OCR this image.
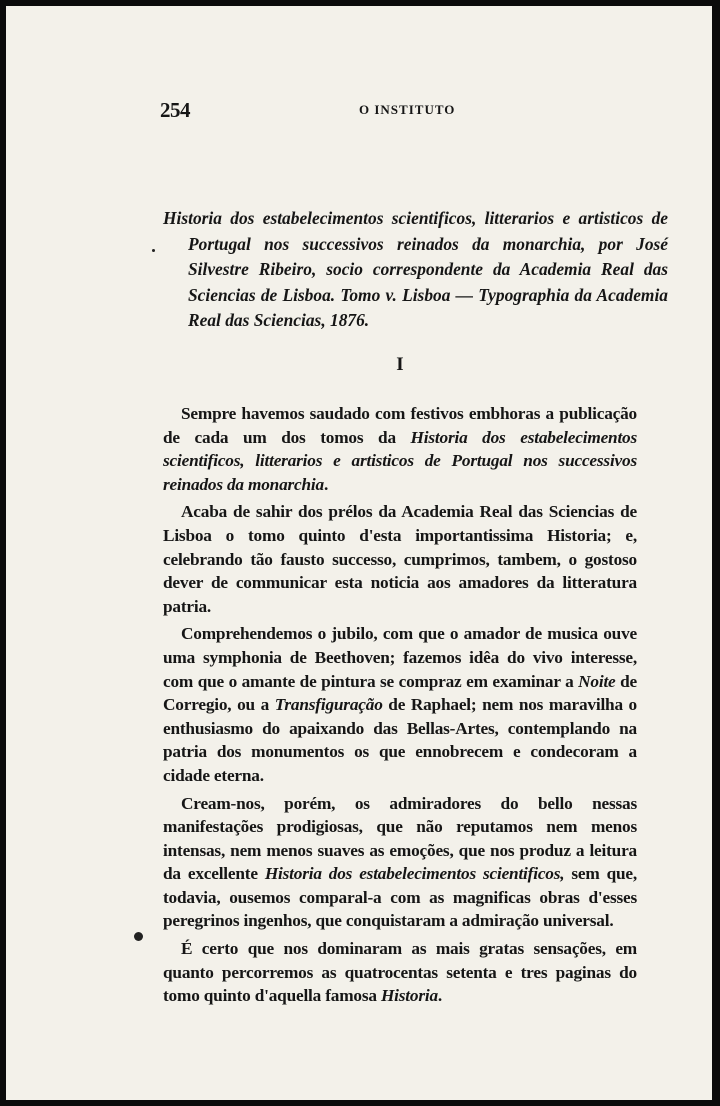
254	O INSTITUTO
Historia dos estabelecimentos scientificos, litterarios e artisticos de Portugal nos successivos reinados da monarchia, por José Silvestre Ribeiro, socio correspondente da Academia Real das Sciencias de Lisboa. Tomo v. Lisboa — Typographia da Academia Real das Sciencias, 1876.
I

Sempre havemos saudado com festivos embhoras a publicação de cada um dos tomos da Historia dos estabelecimentos scientificos, litterarios e artisticos de Portugal nos successivos reinados da monarchia.

Acaba de sahir dos prélos da Academia Real das Sciencias de Lisboa o tomo quinto d'esta importantissima Historia; e, celebrando tão fausto successo, cumprimos, tambem, o gostoso dever de communicar esta noticia aos amadores da litteratura patria.

Comprehendemos o jubilo, com que o amador de musica ouve uma symphonia de Beethoven; fazemos idêa do vivo interesse, com que o amante de pintura se compraz em examinar a Noite de Corregio, ou a Transfiguração de Raphael; nem nos maravilha o enthusiasmo do apaixando das Bellas-Artes, contemplando na patria dos monumentos os que ennobrecem e condecoram a cidade eterna.

Cream-nos, porém, os admiradores do bello nessas manifestações prodigiosas, que não reputamos nem menos intensas, nem menos suaves as emoções, que nos produz a leitura da excellente Historia dos estabelecimentos scientificos, sem que, todavia, ousemos comparal-a com as magnificas obras d'esses peregrinos ingenhos, que conquistaram a admiração universal.

É certo que nos dominaram as mais gratas sensações, em quanto percorremos as quatrocentas setenta e tres paginas do tomo quinto d'aquella famosa Historia.
